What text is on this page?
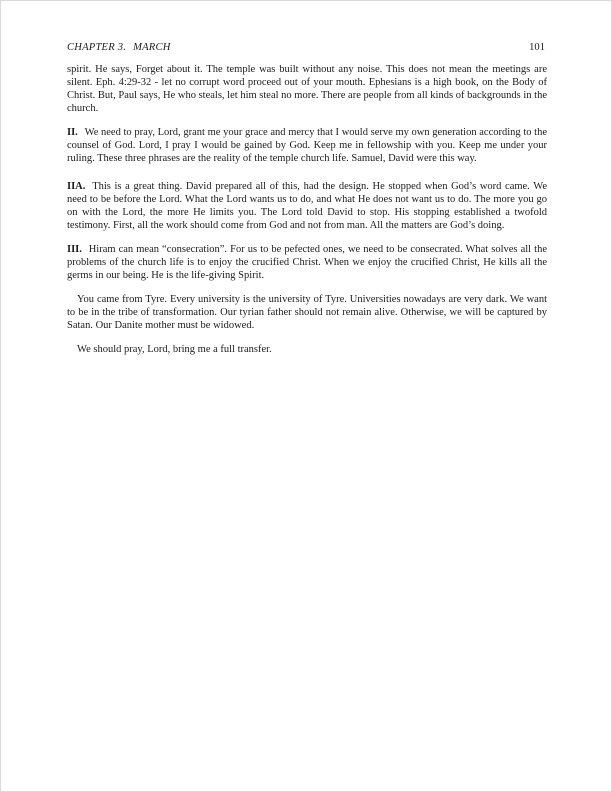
CHAPTER 3. MARCH	101

spirit. He says, Forget about it. The temple was built without any noise. This does not mean the meetings are silent. Eph. 4:29-32 - let no corrupt word proceed out of your mouth. Ephesians is a high book, on the Body of Christ. But, Paul says, He who steals, let him steal no more. There are people from all kinds of backgrounds in the church.

II. We need to pray, Lord, grant me your grace and mercy that I would serve my own generation according to the counsel of God. Lord, I pray I would be gained by God. Keep me in fellowship with you. Keep me under your ruling. These three phrases are the reality of the temple church life. Samuel, David were this way.

IIA. This is a great thing. David prepared all of this, had the design. He stopped when God’s word came. We need to be before the Lord. What the Lord wants us to do, and what He does not want us to do. The more you go on with the Lord, the more He limits you. The Lord told David to stop. His stopping established a twofold testimony. First, all the work should come from God and not from man. All the matters are God’s doing.

III. Hiram can mean “consecration”. For us to be pefected ones, we need to be consecrated. What solves all the problems of the church life is to enjoy the crucified Christ. When we enjoy the crucified Christ, He kills all the germs in our being. He is the life-giving Spirit.

You came from Tyre. Every university is the university of Tyre. Universities nowadays are very dark. We want to be in the tribe of transformation. Our tyrian father should not remain alive. Otherwise, we will be captured by Satan. Our Danite mother must be widowed.

We should pray, Lord, bring me a full transfer.
